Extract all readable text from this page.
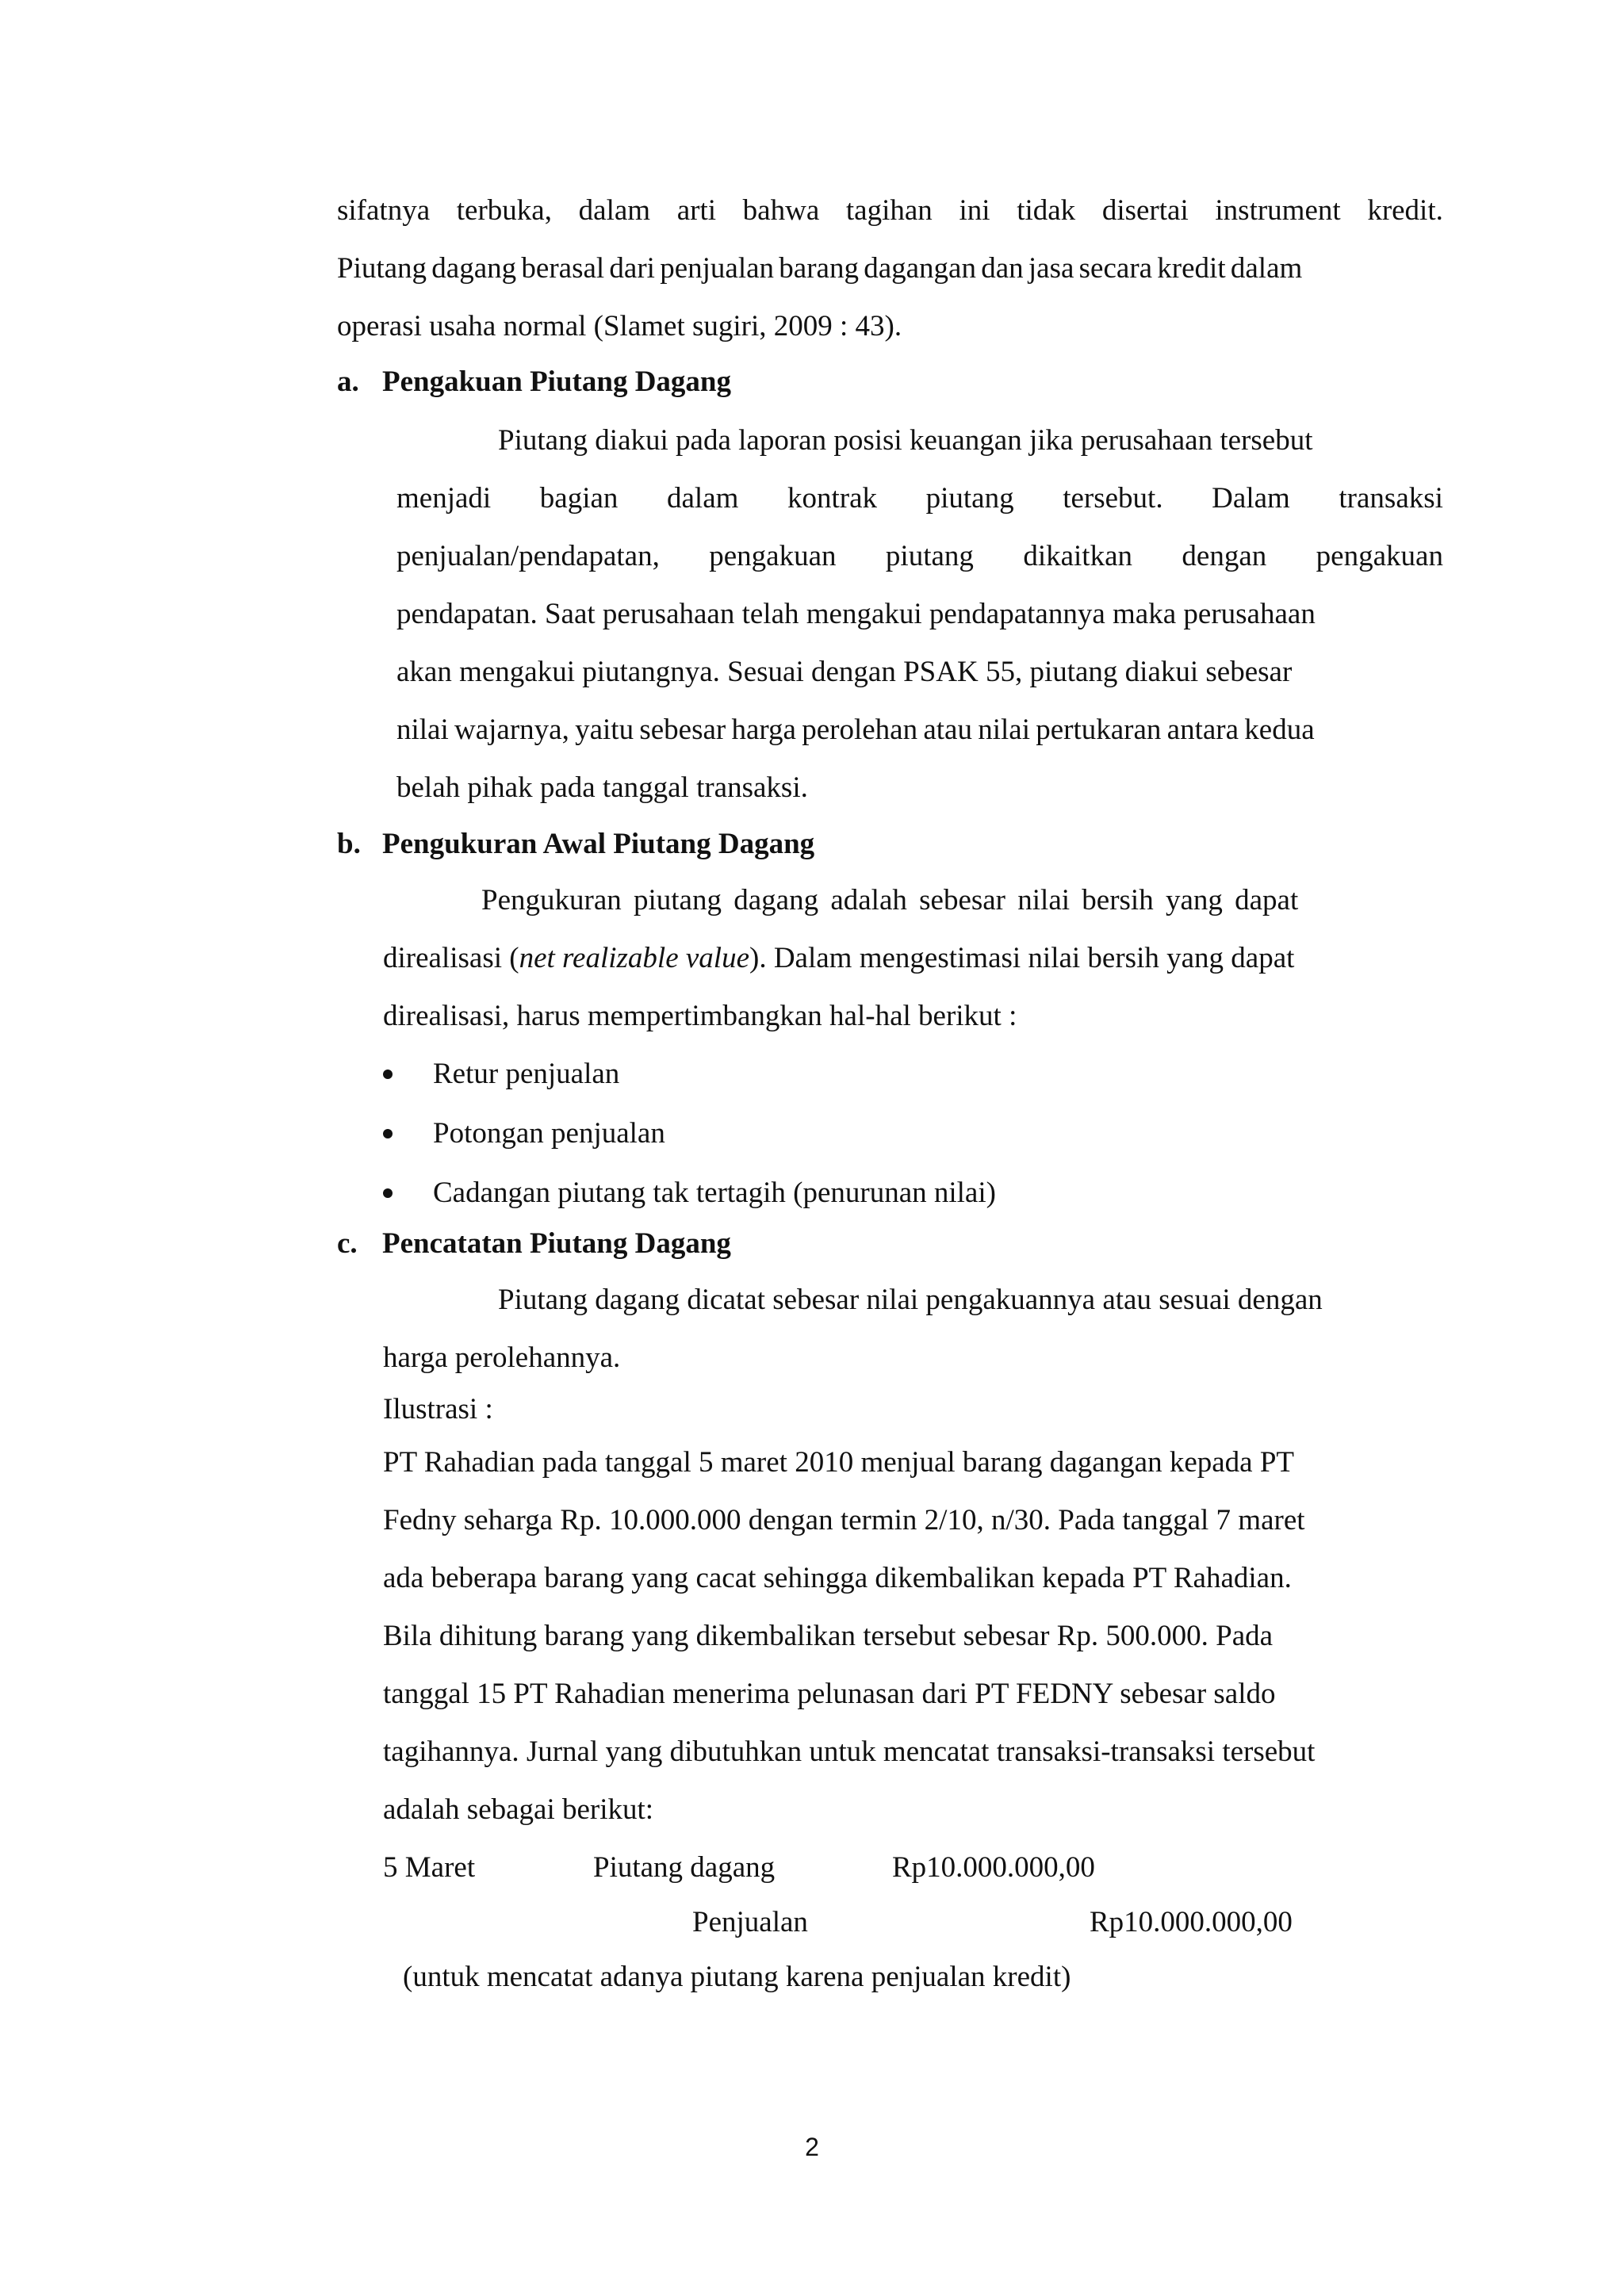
sifatnya terbuka, dalam arti bahwa tagihan ini tidak disertai instrument kredit.
Piutang dagang berasal dari penjualan barang dagangan dan jasa secara kredit dalam
operasi usaha normal (Slamet sugiri, 2009 : 43).
a. Pengakuan Piutang Dagang
Piutang diakui pada laporan posisi keuangan jika perusahaan tersebut
menjadi bagian dalam kontrak piutang tersebut. Dalam transaksi
penjualan/pendapatan, pengakuan piutang dikaitkan dengan pengakuan
pendapatan. Saat perusahaan telah mengakui pendapatannya maka perusahaan
akan mengakui piutangnya. Sesuai dengan PSAK 55, piutang diakui sebesar
nilai wajarnya, yaitu sebesar harga perolehan atau nilai pertukaran antara kedua
belah pihak pada tanggal transaksi.
b. Pengukuran Awal Piutang Dagang
Pengukuran piutang dagang adalah sebesar nilai bersih yang dapat
direalisasi (net realizable value). Dalam mengestimasi nilai bersih yang dapat
direalisasi, harus mempertimbangkan hal-hal berikut :
Retur penjualan
Potongan penjualan
Cadangan piutang tak tertagih (penurunan nilai)
c. Pencatatan Piutang Dagang
Piutang dagang dicatat sebesar nilai pengakuannya atau sesuai dengan
harga perolehannya.
Ilustrasi :
PT Rahadian pada tanggal 5 maret 2010 menjual barang dagangan kepada PT
Fedny seharga Rp. 10.000.000 dengan termin 2/10, n/30. Pada tanggal 7 maret
ada beberapa barang yang cacat sehingga dikembalikan kepada PT Rahadian.
Bila dihitung barang yang dikembalikan tersebut sebesar Rp. 500.000. Pada
tanggal 15 PT Rahadian menerima pelunasan dari PT FEDNY sebesar saldo
tagihannya. Jurnal yang dibutuhkan untuk mencatat transaksi-transaksi tersebut
adalah sebagai berikut:
5 Maret	Piutang dagang	Rp10.000.000,00
Penjualan	Rp10.000.000,00
(untuk mencatat adanya piutang karena penjualan kredit)
2
